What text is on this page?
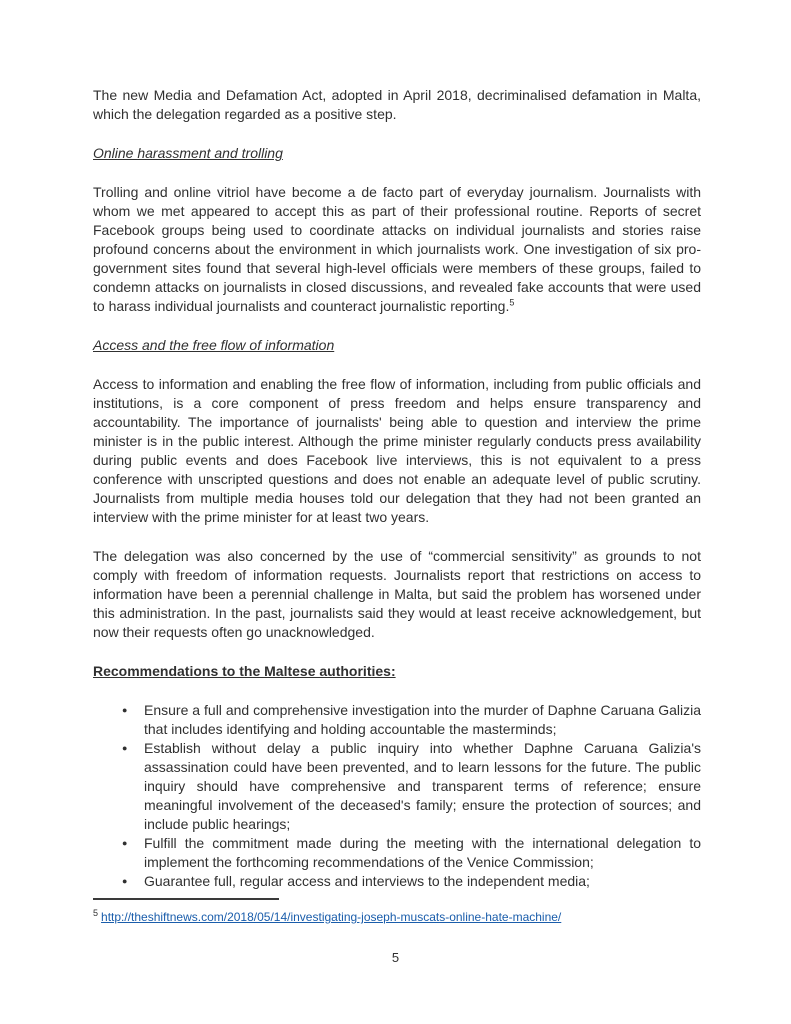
The new Media and Defamation Act, adopted in April 2018, decriminalised defamation in Malta, which the delegation regarded as a positive step.

Online harassment and trolling

Trolling and online vitriol have become a de facto part of everyday journalism. Journalists with whom we met appeared to accept this as part of their professional routine. Reports of secret Facebook groups being used to coordinate attacks on individual journalists and stories raise profound concerns about the environment in which journalists work. One investigation of six pro-government sites found that several high-level officials were members of these groups, failed to condemn attacks on journalists in closed discussions, and revealed fake accounts that were used to harass individual journalists and counteract journalistic reporting.$^5$

Access and the free flow of information

Access to information and enabling the free flow of information, including from public officials and institutions, is a core component of press freedom and helps ensure transparency and accountability. The importance of journalists' being able to question and interview the prime minister is in the public interest. Although the prime minister regularly conducts press availability during public events and does Facebook live interviews, this is not equivalent to a press conference with unscripted questions and does not enable an adequate level of public scrutiny. Journalists from multiple media houses told our delegation that they had not been granted an interview with the prime minister for at least two years.

The delegation was also concerned by the use of “commercial sensitivity” as grounds to not comply with freedom of information requests. Journalists report that restrictions on access to information have been a perennial challenge in Malta, but said the problem has worsened under this administration. In the past, journalists said they would at least receive acknowledgement, but now their requests often go unacknowledged.

Recommendations to the Maltese authorities:

● Ensure a full and comprehensive investigation into the murder of Daphne Caruana Galizia that includes identifying and holding accountable the masterminds;
● Establish without delay a public inquiry into whether Daphne Caruana Galizia's assassination could have been prevented, and to learn lessons for the future. The public inquiry should have comprehensive and transparent terms of reference; ensure meaningful involvement of the deceased's family; ensure the protection of sources; and include public hearings;
● Fulfill the commitment made during the meeting with the international delegation to implement the forthcoming recommendations of the Venice Commission;
● Guarantee full, regular access and interviews to the independent media;

$^5$ http://theshiftnews.com/2018/05/14/investigating-joseph-muscats-online-hate-machine/

5
